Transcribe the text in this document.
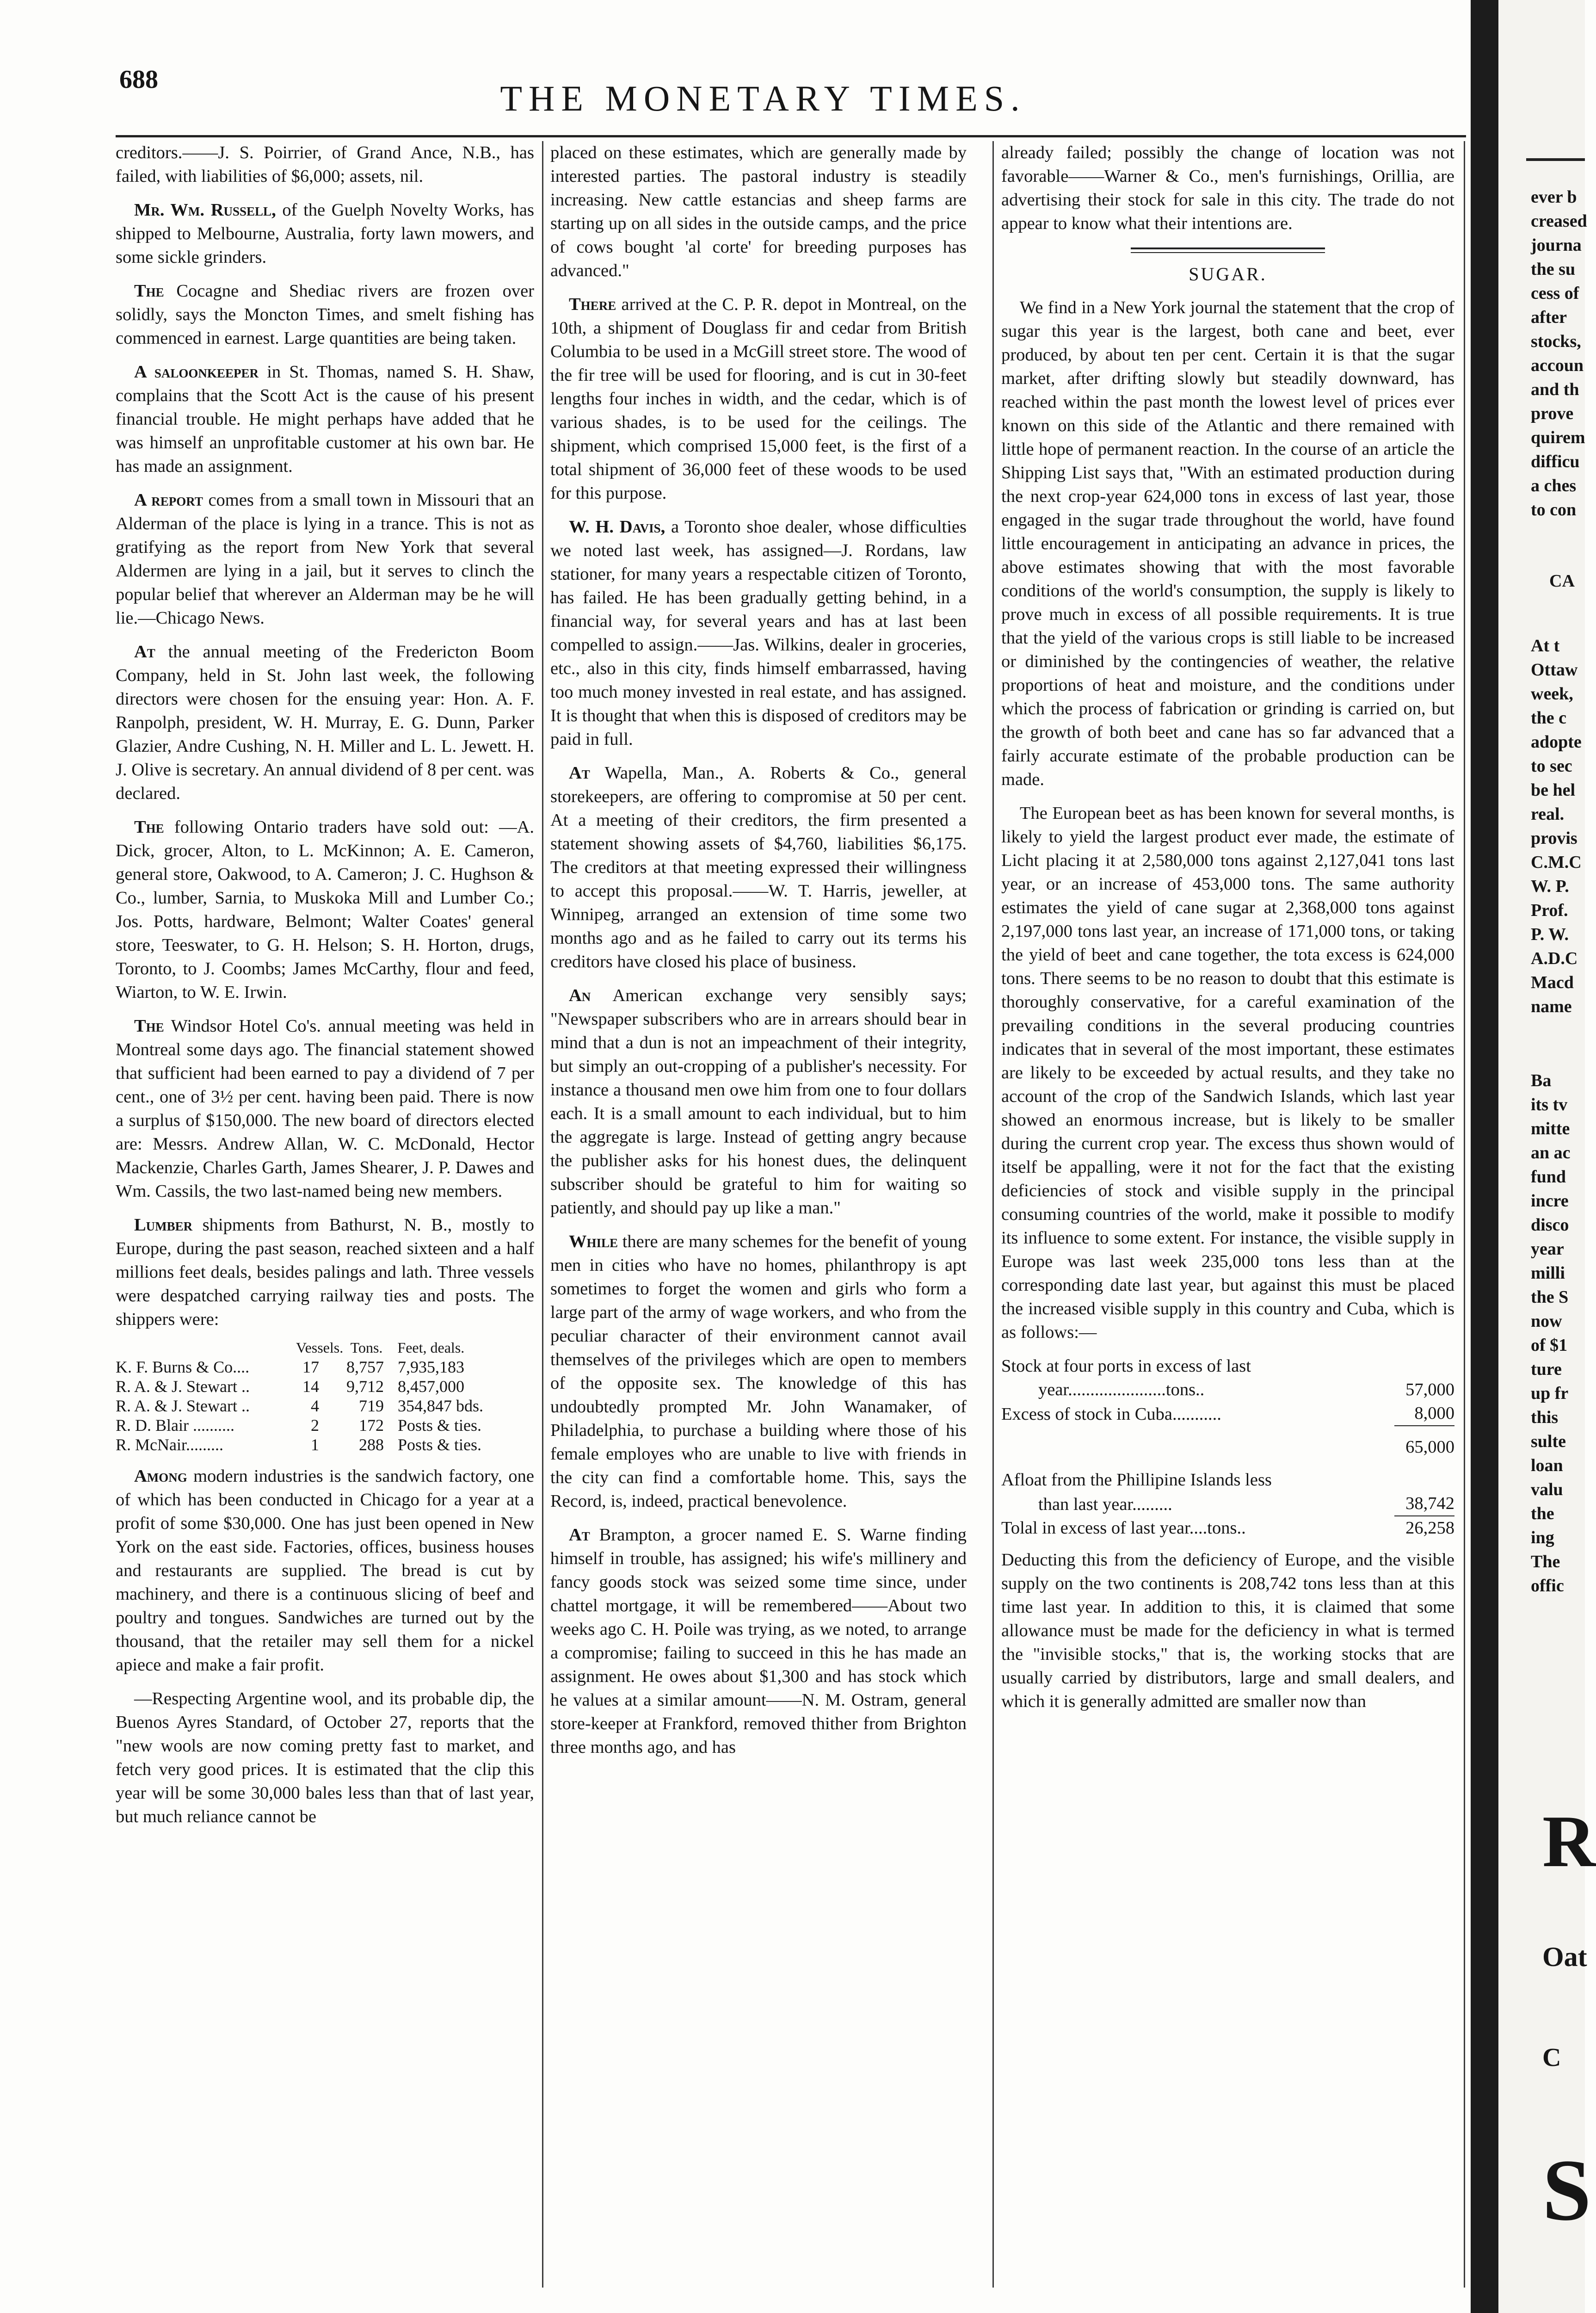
688	THE MONETARY TIMES.

creditors.——J. S. Poirrier, of Grand Ance, N.B., has failed, with liabilities of $6,000; assets, nil.

Mr. Wm. Russell, of the Guelph Novelty Works, has shipped to Melbourne, Australia, forty lawn mowers, and some sickle grinders.

The Cocagne and Shediac rivers are frozen over solidly, says the Moncton Times, and smelt fishing has commenced in earnest. Large quantities are being taken.

A saloonkeeper in St. Thomas, named S. H. Shaw, complains that the Scott Act is the cause of his present financial trouble. He might perhaps have added that he was himself an unprofitable customer at his own bar. He has made an assignment.

A report comes from a small town in Missouri that an Alderman of the place is lying in a trance. This is not as gratifying as the report from New York that several Aldermen are lying in a jail, but it serves to clinch the popular belief that wherever an Alderman may be he will lie.—Chicago News.

At the annual meeting of the Fredericton Boom Company, held in St. John last week, the following directors were chosen for the ensuing year: Hon. A. F. Ranpolph, president, W. H. Murray, E. G. Dunn, Parker Glazier, Andre Cushing, N. H. Miller and L. L. Jewett. H. J. Olive is secretary. An annual dividend of 8 per cent. was declared.

The following Ontario traders have sold out: —A. Dick, grocer, Alton, to L. McKinnon; A. E. Cameron, general store, Oakwood, to A. Cameron; J. C. Hughson & Co., lumber, Sarnia, to Muskoka Mill and Lumber Co.; Jos. Potts, hardware, Belmont; Walter Coates' general store, Teeswater, to G. H. Helson; S. H. Horton, drugs, Toronto, to J. Coombs; James McCarthy, flour and feed, Wiarton, to W. E. Irwin.

The Windsor Hotel Co's. annual meeting was held in Montreal some days ago. The financial statement showed that sufficient had been earned to pay a dividend of 7 per cent., one of 3½ per cent. having been paid. There is now a surplus of $150,000. The new board of directors elected are: Messrs. Andrew Allan, W. C. McDonald, Hector Mackenzie, Charles Garth, James Shearer, J. P. Dawes and Wm. Cassils, the two last-named being new members.

Lumber shipments from Bathurst, N. B., mostly to Europe, during the past season, reached sixteen and a half millions feet deals, besides palings and lath. Three vessels were despatched carrying railway ties and posts. The shippers were:

Vessels. Tons. Feet, deals.
K. F. Burns & Co....	17	8,757 7,935,183
R. A. & J. Stewart ..	14	9,712 8,457,000
R. A. & J. Stewart ..	4	719 354,847 bds.
R. D. Blair ..........	2	172 Posts & ties.
R. McNair.........	1	288 Posts & ties.

Among modern industries is the sandwich factory, one of which has been conducted in Chicago for a year at a profit of some $30,000. One has just been opened in New York on the east side. Factories, offices, business houses and restaurants are supplied. The bread is cut by machinery, and there is a continuous slicing of beef and poultry and tongues. Sandwiches are turned out by the thousand, that the retailer may sell them for a nickel apiece and make a fair profit.

—Respecting Argentine wool, and its probable dip, the Buenos Ayres Standard, of October 27, reports that the "new wools are now coming pretty fast to market, and fetch very good prices. It is estimated that the clip this year will be some 30,000 bales less than that of last year, but much reliance cannot be

placed on these estimates, which are generally made by interested parties. The pastoral industry is steadily increasing. New cattle estancias and sheep farms are starting up on all sides in the outside camps, and the price of cows bought 'al corte' for breeding purposes has advanced."

There arrived at the C. P. R. depot in Montreal, on the 10th, a shipment of Douglass fir and cedar from British Columbia to be used in a McGill street store. The wood of the fir tree will be used for flooring, and is cut in 30-feet lengths four inches in width, and the cedar, which is of various shades, is to be used for the ceilings. The shipment, which comprised 15,000 feet, is the first of a total shipment of 36,000 feet of these woods to be used for this purpose.

W. H. Davis, a Toronto shoe dealer, whose difficulties we noted last week, has assigned—J. Rordans, law stationer, for many years a respectable citizen of Toronto, has failed. He has been gradually getting behind, in a financial way, for several years and has at last been compelled to assign.——Jas. Wilkins, dealer in groceries, etc., also in this city, finds himself embarrassed, having too much money invested in real estate, and has assigned. It is thought that when this is disposed of creditors may be paid in full.

At Wapella, Man., A. Roberts & Co., general storekeepers, are offering to compromise at 50 per cent. At a meeting of their creditors, the firm presented a statement showing assets of $4,760, liabilities $6,175. The creditors at that meeting expressed their willingness to accept this proposal.——W. T. Harris, jeweller, at Winnipeg, arranged an extension of time some two months ago and as he failed to carry out its terms his creditors have closed his place of business.

An American exchange very sensibly says; "Newspaper subscribers who are in arrears should bear in mind that a dun is not an impeachment of their integrity, but simply an out-cropping of a publisher's necessity. For instance a thousand men owe him from one to four dollars each. It is a small amount to each individual, but to him the aggregate is large. Instead of getting angry because the publisher asks for his honest dues, the delinquent subscriber should be grateful to him for waiting so patiently, and should pay up like a man."

While there are many schemes for the benefit of young men in cities who have no homes, philanthropy is apt sometimes to forget the women and girls who form a large part of the army of wage workers, and who from the peculiar character of their environment cannot avail themselves of the privileges which are open to members of the opposite sex. The knowledge of this has undoubtedly prompted Mr. John Wanamaker, of Philadelphia, to purchase a building where those of his female employes who are unable to live with friends in the city can find a comfortable home. This, says the Record, is, indeed, practical benevolence.

At Brampton, a grocer named E. S. Warne finding himself in trouble, has assigned; his wife's millinery and fancy goods stock was seized some time since, under chattel mortgage, it will be remembered——About two weeks ago C. H. Poile was trying, as we noted, to arrange a compromise; failing to succeed in this he has made an assignment. He owes about $1,300 and has stock which he values at a similar amount——N. M. Ostram, general store-keeper at Frankford, removed thither from Brighton three months ago, and has

already failed; possibly the change of location was not favorable——Warner & Co., men's furnishings, Orillia, are advertising their stock for sale in this city. The trade do not appear to know what their intentions are.

SUGAR.

We find in a New York journal the statement that the crop of sugar this year is the largest, both cane and beet, ever produced, by about ten per cent. Certain it is that the sugar market, after drifting slowly but steadily downward, has reached within the past month the lowest level of prices ever known on this side of the Atlantic and there remained with little hope of permanent reaction. In the course of an article the Shipping List says that, "With an estimated production during the next crop-year 624,000 tons in excess of last year, those engaged in the sugar trade throughout the world, have found little encouragement in anticipating an advance in prices, the above estimates showing that with the most favorable conditions of the world's consumption, the supply is likely to prove much in excess of all possible requirements. It is true that the yield of the various crops is still liable to be increased or diminished by the contingencies of weather, the relative proportions of heat and moisture, and the conditions under which the process of fabrication or grinding is carried on, but the growth of both beet and cane has so far advanced that a fairly accurate estimate of the probable production can be made.

The European beet as has been known for several months, is likely to yield the largest product ever made, the estimate of Licht placing it at 2,580,000 tons against 2,127,041 tons last year, or an increase of 453,000 tons. The same authority estimates the yield of cane sugar at 2,368,000 tons against 2,197,000 tons last year, an increase of 171,000 tons, or taking the yield of beet and cane together, the tota excess is 624,000 tons. There seems to be no reason to doubt that this estimate is thoroughly conservative, for a careful examination of the prevailing conditions in the several producing countries indicates that in several of the most important, these estimates are likely to be exceeded by actual results, and they take no account of the crop of the Sandwich Islands, which last year showed an enormous increase, but is likely to be smaller during the current crop year. The excess thus shown would of itself be appalling, were it not for the fact that the existing deficiencies of stock and visible supply in the principal consuming countries of the world, make it possible to modify its influence to some extent. For instance, the visible supply in Europe was last week 235,000 tons less than at the corresponding date last year, but against this must be placed the increased visible supply in this country and Cuba, which is as follows:—

Stock at four ports in excess of last
year......................tons..	57,000
Excess of stock in Cuba...........	8,000
65,000
Afloat from the Phillipine Islands less
than last year.........	38,742
Tolal in excess of last year....tons..	26,258

Deducting this from the deficiency of Europe, and the visible supply on the two continents is 208,742 tons less than at this time last year. In addition to this, it is claimed that some allowance must be made for the deficiency in what is termed the "invisible stocks," that is, the working stocks that are usually carried by distributors, large and small dealers, and which it is generally admitted are smaller now than

ever b
creased
journa
the su
cess of
after
stocks,
accoun
and th
prove
quirem
difficu
a ches
to con
CA
At t
Ottaw
week,
the c
adopte
to sec
be hel
real.
provis
C.M.C
W. P.
Prof.
P. W.
A.D.C
Macd
name
Ba
its tv
mitte
an ac
fund
incre
disco
year
milli
the S
now
of $1
ture
up fr
this
sulte
loan
valu
the
ing
The
offic
R
Oat
C
S
